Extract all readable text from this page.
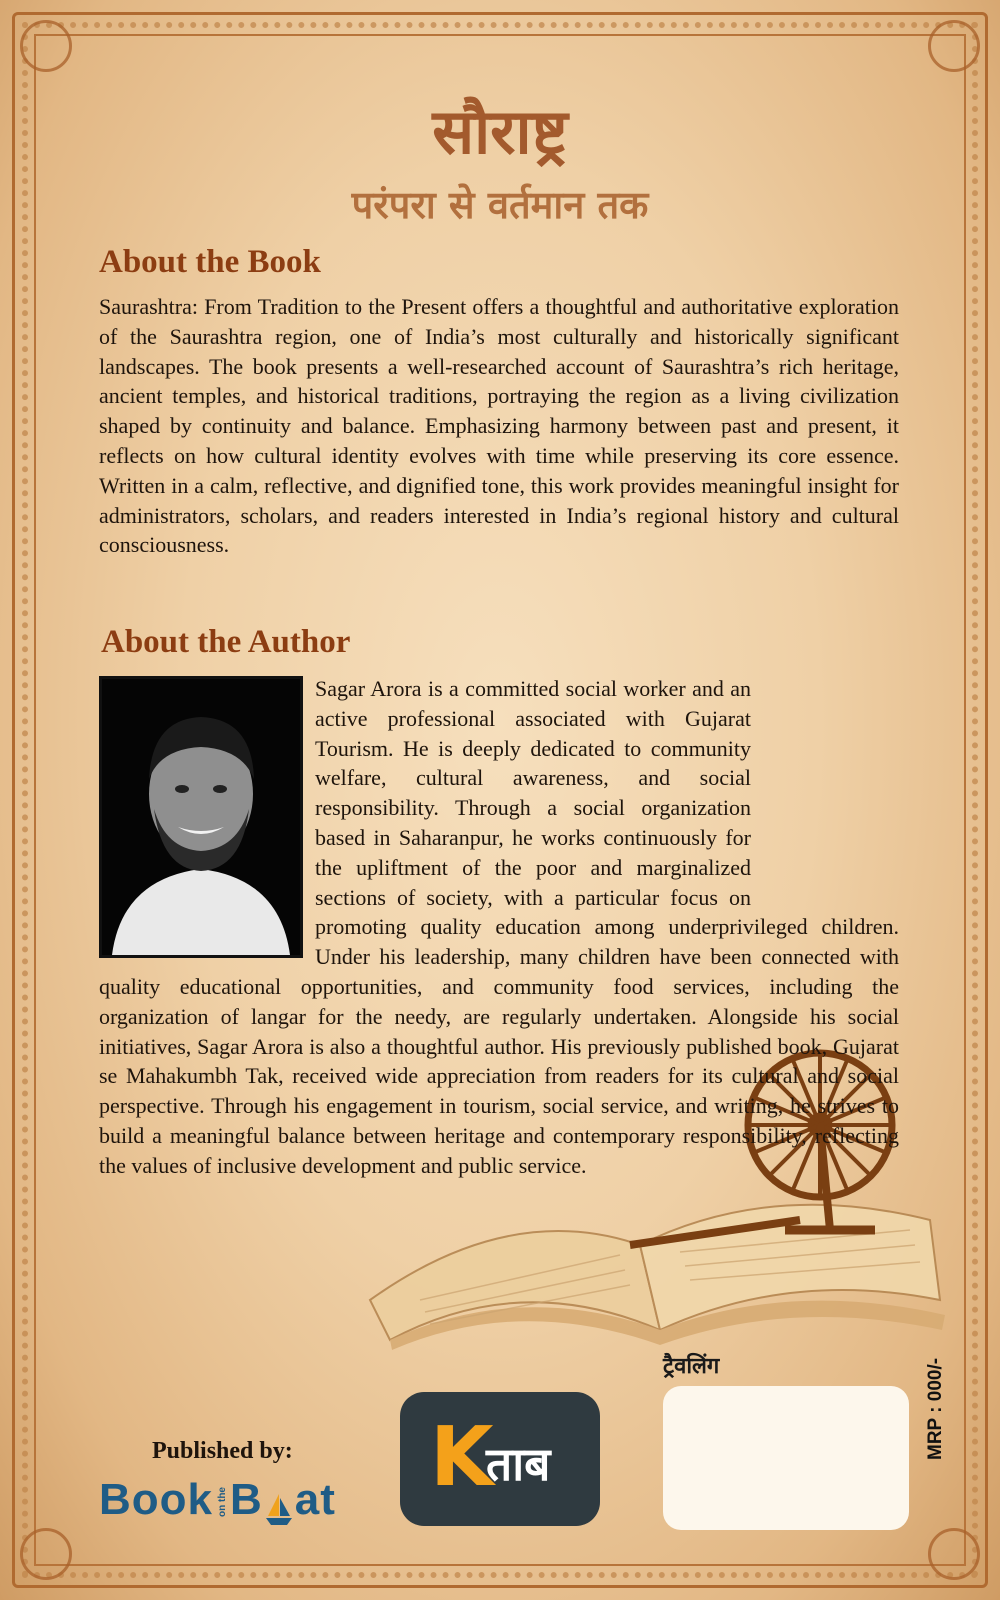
सौराष्ट्र
परंपरा से वर्तमान तक
About the Book
Saurashtra: From Tradition to the Present offers a thoughtful and authoritative exploration of the Saurashtra region, one of India’s most culturally and historically significant landscapes. The book presents a well-researched account of Saurashtra’s rich heritage, ancient temples, and historical traditions, portraying the region as a living civilization shaped by continuity and balance. Emphasizing harmony between past and present, it reflects on how cultural identity evolves with time while preserving its core essence. Written in a calm, reflective, and dignified tone, this work provides meaningful insight for administrators, scholars, and readers interested in India’s regional history and cultural consciousness.
About the Author
Sagar Arora is a committed social worker and an active professional associated with Gujarat Tourism. He is deeply dedicated to community welfare, cultural awareness, and social responsibility. Through a social organization based in Saharanpur, he works continuously for the upliftment of the poor and marginalized sections of society, with a particular focus on promoting quality education among underprivileged children. Under his leadership, many children have been connected with quality educational opportunities, and community food services, including the organization of langar for the needy, are regularly undertaken. Alongside his social initiatives, Sagar Arora is also a thoughtful author. His previously published book, Gujarat se Mahakumbh Tak, received wide appreciation from readers for its cultural and social perspective. Through his engagement in tourism, social service, and writing, he strives to build a meaningful balance between heritage and contemporary responsibility, reflecting the values of inclusive development and public service.
ट्रैवलिंग	MRP : 000/-
Published by:
Book on the B at K
ताब
